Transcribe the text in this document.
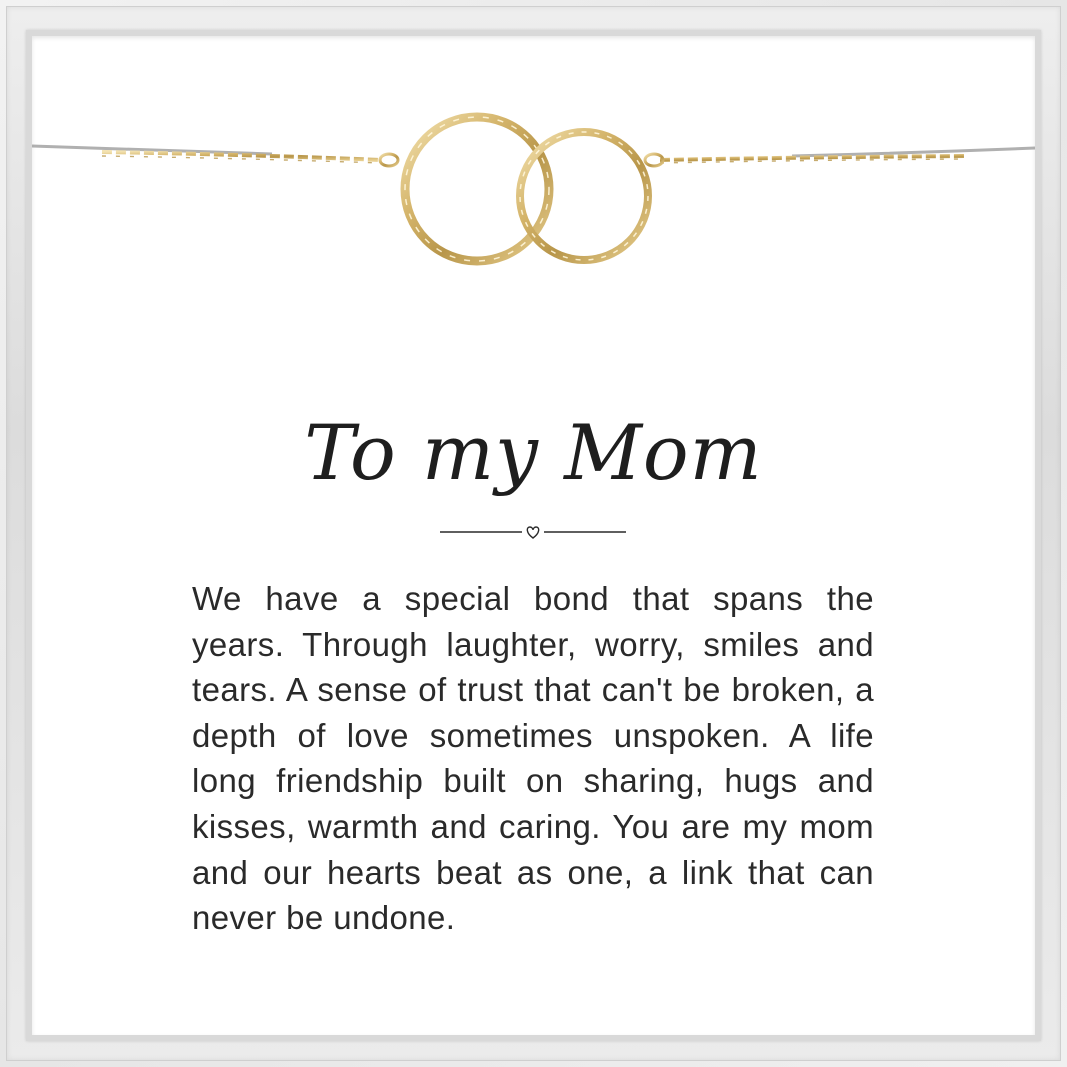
To my Mom
We have a special bond that spans the years. Through laughter, worry, smiles and tears. A sense of trust that can't be broken, a depth of love sometimes unspoken. A life long friendship built on sharing, hugs and kisses, warmth and caring. You are my mom and our hearts beat as one, a link that can never be undone.
